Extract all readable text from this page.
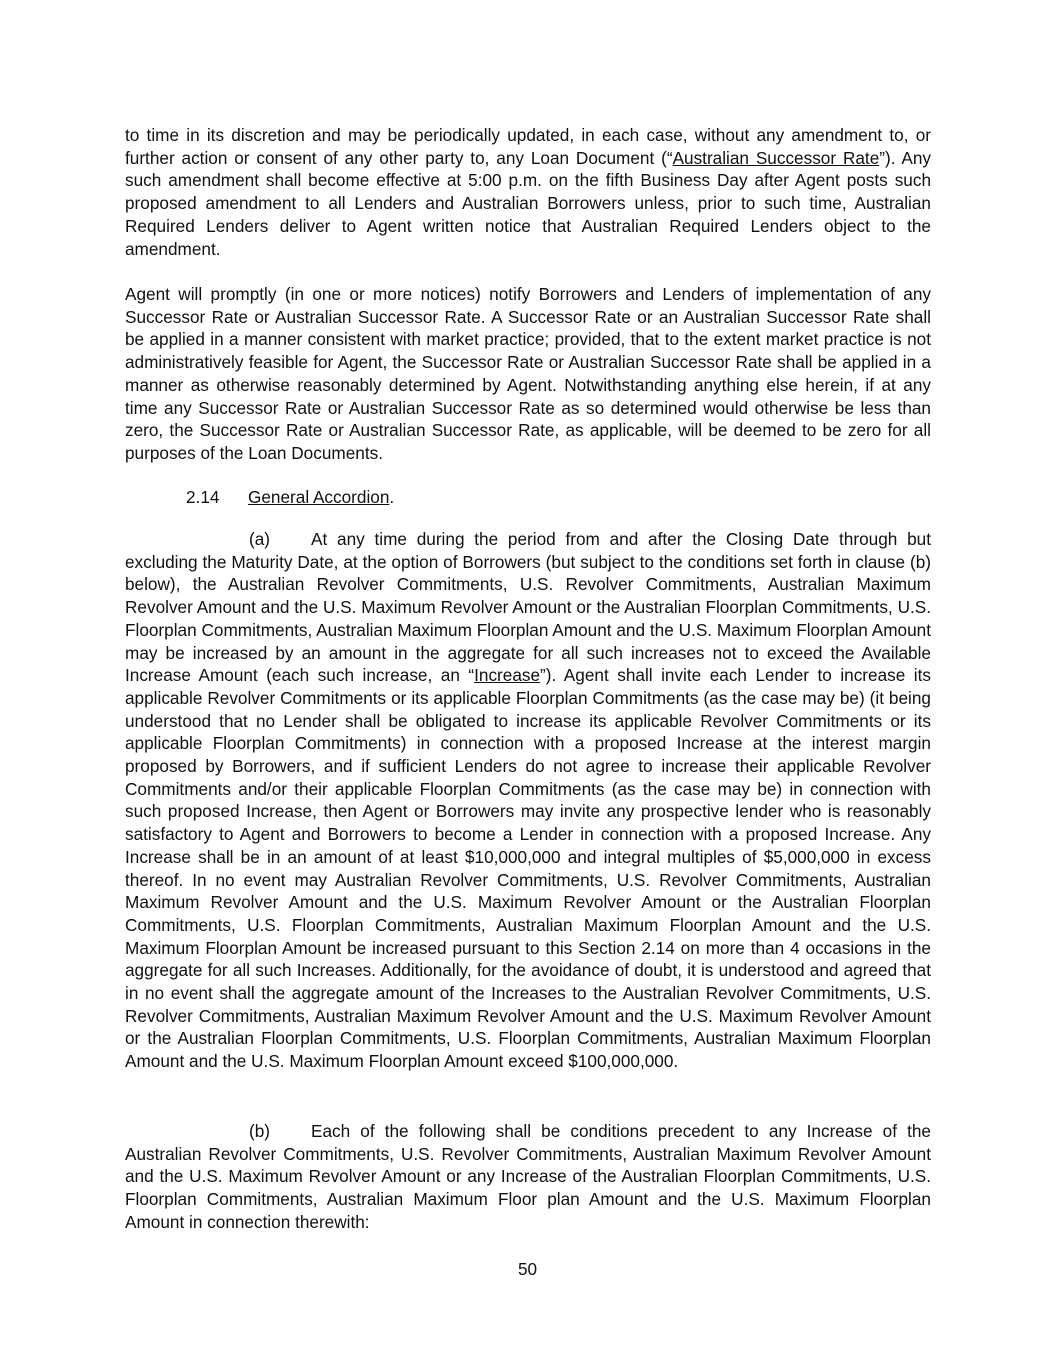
to time in its discretion and may be periodically updated, in each case, without any amendment to, or further action or consent of any other party to, any Loan Document (“Australian Successor Rate”). Any such amendment shall become effective at 5:00 p.m. on the fifth Business Day after Agent posts such proposed amendment to all Lenders and Australian Borrowers unless, prior to such time, Australian Required Lenders deliver to Agent written notice that Australian Required Lenders object to the amendment.

Agent will promptly (in one or more notices) notify Borrowers and Lenders of implementation of any Successor Rate or Australian Successor Rate. A Successor Rate or an Australian Successor Rate shall be applied in a manner consistent with market practice; provided, that to the extent market practice is not administratively feasible for Agent, the Successor Rate or Australian Successor Rate shall be applied in a manner as otherwise reasonably determined by Agent. Notwithstanding anything else herein, if at any time any Successor Rate or Australian Successor Rate as so determined would otherwise be less than zero, the Successor Rate or Australian Successor Rate, as applicable, will be deemed to be zero for all purposes of the Loan Documents.

2.14 General Accordion.

(a) At any time during the period from and after the Closing Date through but excluding the Maturity Date, at the option of Borrowers (but subject to the conditions set forth in clause (b) below), the Australian Revolver Commitments, U.S. Revolver Commitments, Australian Maximum Revolver Amount and the U.S. Maximum Revolver Amount or the Australian Floorplan Commitments, U.S. Floorplan Commitments, Australian Maximum Floorplan Amount and the U.S. Maximum Floorplan Amount may be increased by an amount in the aggregate for all such increases not to exceed the Available Increase Amount (each such increase, an “Increase”). Agent shall invite each Lender to increase its applicable Revolver Commitments or its applicable Floorplan Commitments (as the case may be) (it being understood that no Lender shall be obligated to increase its applicable Revolver Commitments or its applicable Floorplan Commitments) in connection with a proposed Increase at the interest margin proposed by Borrowers, and if sufficient Lenders do not agree to increase their applicable Revolver Commitments and/or their applicable Floorplan Commitments (as the case may be) in connection with such proposed Increase, then Agent or Borrowers may invite any prospective lender who is reasonably satisfactory to Agent and Borrowers to become a Lender in connection with a proposed Increase. Any Increase shall be in an amount of at least $10,000,000 and integral multiples of $5,000,000 in excess thereof. In no event may Australian Revolver Commitments, U.S. Revolver Commitments, Australian Maximum Revolver Amount and the U.S. Maximum Revolver Amount or the Australian Floorplan Commitments, U.S. Floorplan Commitments, Australian Maximum Floorplan Amount and the U.S. Maximum Floorplan Amount be increased pursuant to this Section 2.14 on more than 4 occasions in the aggregate for all such Increases. Additionally, for the avoidance of doubt, it is understood and agreed that in no event shall the aggregate amount of the Increases to the Australian Revolver Commitments, U.S. Revolver Commitments, Australian Maximum Revolver Amount and the U.S. Maximum Revolver Amount or the Australian Floorplan Commitments, U.S. Floorplan Commitments, Australian Maximum Floorplan Amount and the U.S. Maximum Floorplan Amount exceed $100,000,000.

(b) Each of the following shall be conditions precedent to any Increase of the Australian Revolver Commitments, U.S. Revolver Commitments, Australian Maximum Revolver Amount and the U.S. Maximum Revolver Amount or any Increase of the Australian Floorplan Commitments, U.S. Floorplan Commitments, Australian Maximum Floor plan Amount and the U.S. Maximum Floorplan Amount in connection therewith:

50
